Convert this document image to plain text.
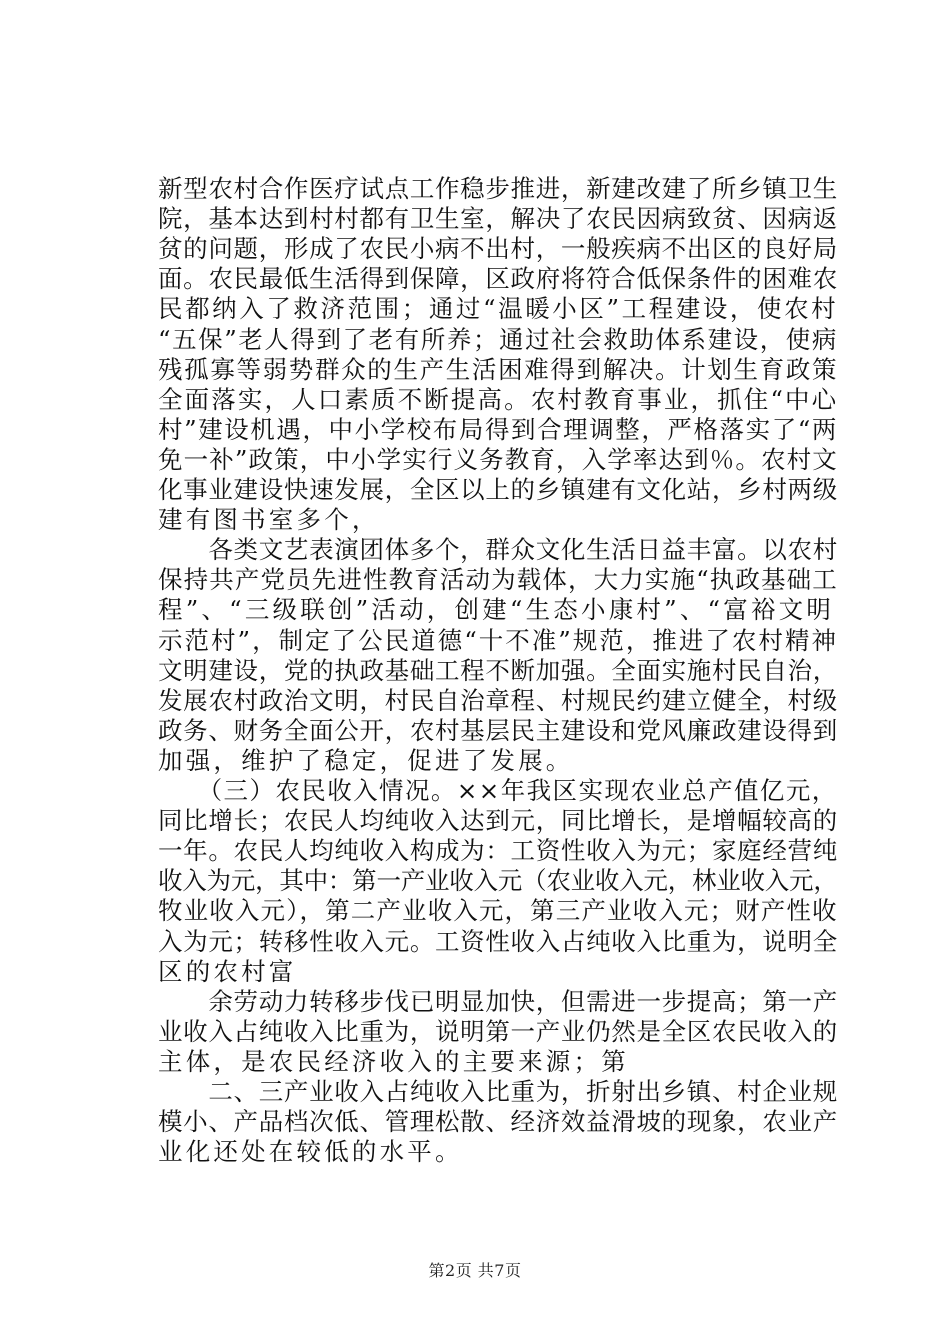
新型农村合作医疗试点工作稳步推进，新建改建了所乡镇卫生
院，基本达到村村都有卫生室，解决了农民因病致贫、因病返
贫的问题，形成了农民小病不出村，一般疾病不出区的良好局
面。农民最低生活得到保障，区政府将符合低保条件的困难农
民都纳入了救济范围；通过“温暖小区”工程建设，使农村
“五保”老人得到了老有所养；通过社会救助体系建设，使病
残孤寡等弱势群众的生产生活困难得到解决。计划生育政策
全面落实，人口素质不断提高。农村教育事业，抓住“中心
村”建设机遇，中小学校布局得到合理调整，严格落实了“两
免一补”政策，中小学实行义务教育，入学率达到％。农村文
化事业建设快速发展，全区以上的乡镇建有文化站，乡村两级
建有图书室多个，
　　各类文艺表演团体多个，群众文化生活日益丰富。以农村
保持共产党员先进性教育活动为载体，大力实施“执政基础工
程”、“三级联创”活动，创建“生态小康村”、“富裕文明
示范村”，制定了公民道德“十不准”规范，推进了农村精神
文明建设，党的执政基础工程不断加强。全面实施村民自治，
发展农村政治文明，村民自治章程、村规民约建立健全，村级
政务、财务全面公开，农村基层民主建设和党风廉政建设得到
加强，维护了稳定，促进了发展。
　　（三）农民收入情况。××年我区实现农业总产值亿元，
同比增长；农民人均纯收入达到元，同比增长，是增幅较高的
一年。农民人均纯收入构成为：工资性收入为元；家庭经营纯
收入为元，其中：第一产业收入元（农业收入元，林业收入元，
牧业收入元），第二产业收入元，第三产业收入元；财产性收
入为元；转移性收入元。工资性收入占纯收入比重为，说明全
区的农村富
　　余劳动力转移步伐已明显加快，但需进一步提高；第一产
业收入占纯收入比重为，说明第一产业仍然是全区农民收入的
主体，是农民经济收入的主要来源；第
　　二、三产业收入占纯收入比重为，折射出乡镇、村企业规
模小、产品档次低、管理松散、经济效益滑坡的现象，农业产
业化还处在较低的水平。
第2页 共7页
